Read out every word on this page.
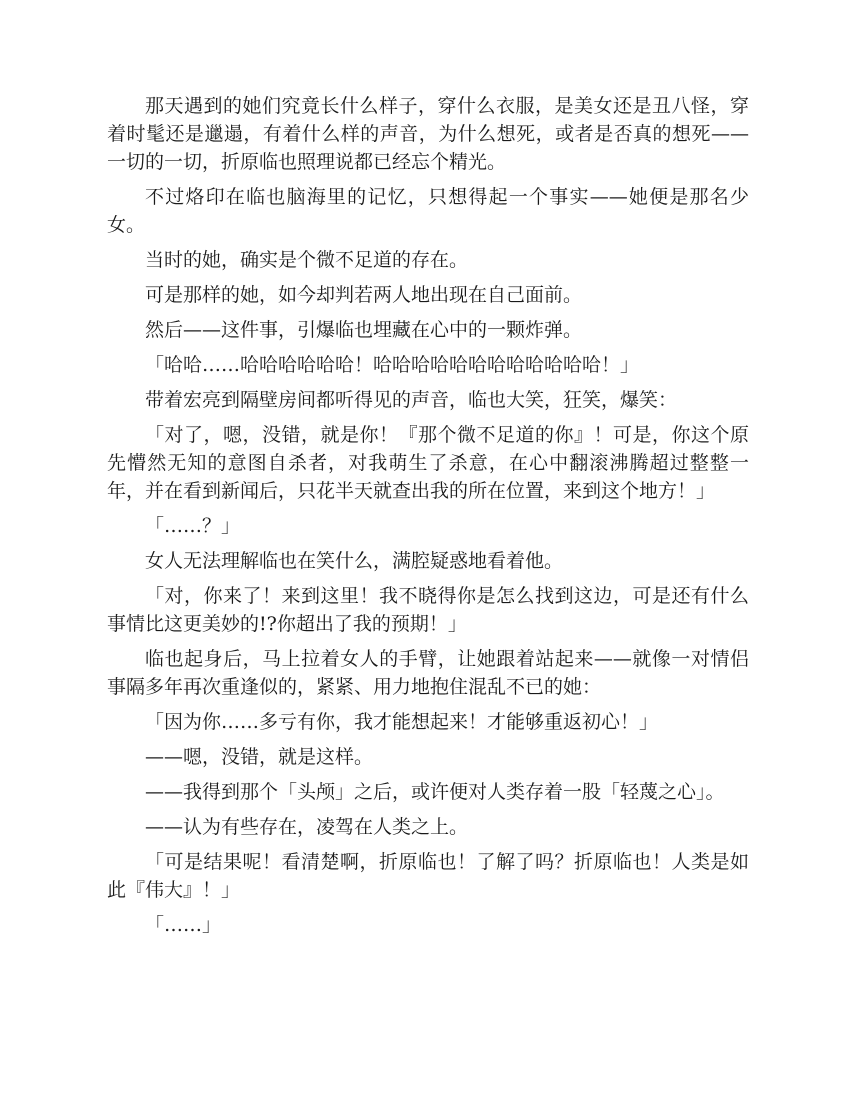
那天遇到的她们究竟长什么样子，穿什么衣服，是美女还是丑八怪，穿着时髦还是邋遢，有着什么样的声音，为什么想死，或者是否真的想死——一切的一切，折原临也照理说都已经忘个精光。

不过烙印在临也脑海里的记忆，只想得起一个事实——她便是那名少女。

当时的她，确实是个微不足道的存在。

可是那样的她，如今却判若两人地出现在自己面前。

然后——这件事，引爆临也埋藏在心中的一颗炸弹。

「哈哈……哈哈哈哈哈哈！哈哈哈哈哈哈哈哈哈哈哈哈！」

带着宏亮到隔壁房间都听得见的声音，临也大笑，狂笑，爆笑：

「对了，嗯，没错，就是你！『那个微不足道的你』！可是，你这个原先懵然无知的意图自杀者，对我萌生了杀意，在心中翻滚沸腾超过整整一年，并在看到新闻后，只花半天就查出我的所在位置，来到这个地方！」

「……？」

女人无法理解临也在笑什么，满腔疑惑地看着他。

「对，你来了！来到这里！我不晓得你是怎么找到这边，可是还有什么事情比这更美妙的!?你超出了我的预期！」

临也起身后，马上拉着女人的手臂，让她跟着站起来——就像一对情侣事隔多年再次重逢似的，紧紧、用力地抱住混乱不已的她：

「因为你……多亏有你，我才能想起来！才能够重返初心！」

——嗯，没错，就是这样。

——我得到那个「头颅」之后，或许便对人类存着一股「轻蔑之心」。

——认为有些存在，凌驾在人类之上。

「可是结果呢！看清楚啊，折原临也！了解了吗？折原临也！人类是如此『伟大』！」

「……」
